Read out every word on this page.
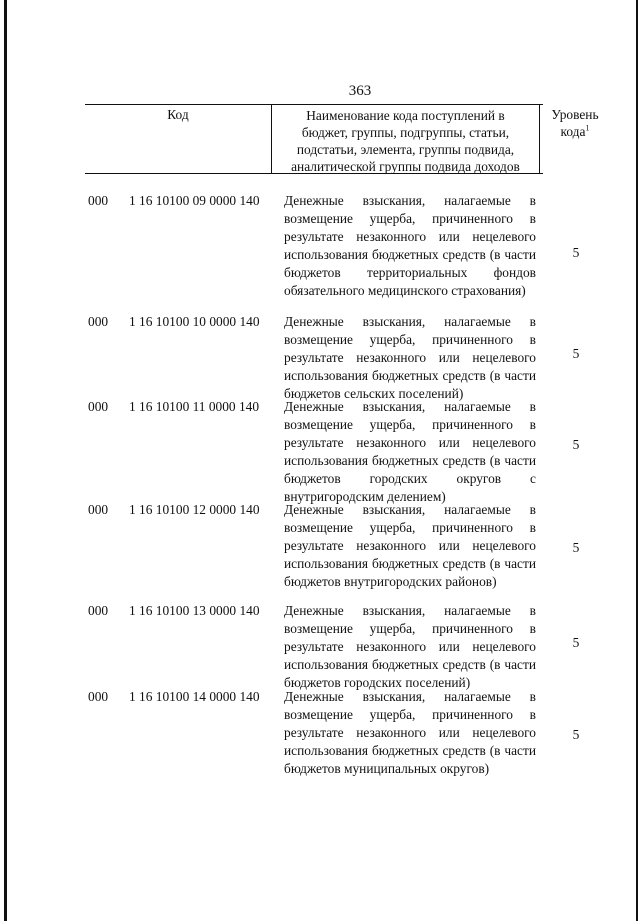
363
Код	Наименование кода поступлений в
бюджет, группы, подгруппы, статьи,
подстатьи, элемента, группы подвида,
аналитической группы подвида доходов
Уровень
кода$^1$
000 1 16 10100 09 0000 140 Денежные взыскания, налагаемые в возмещение ущерба, причиненного в результате незаконного или нецелевого использования бюджетных средств (в части бюджетов территориальных фондов обязательного медицинского страхования)
5
000 1 16 10100 10 0000 140 Денежные взыскания, налагаемые в возмещение ущерба, причиненного в результате незаконного или нецелевого использования бюджетных средств (в части бюджетов сельских поселений)
5
000 1 16 10100 11 0000 140 Денежные взыскания, налагаемые в возмещение ущерба, причиненного в результате незаконного или нецелевого использования бюджетных средств (в части бюджетов городских округов с внутригородским делением)
5
000 1 16 10100 12 0000 140 Денежные взыскания, налагаемые в возмещение ущерба, причиненного в результате незаконного или нецелевого использования бюджетных средств (в части бюджетов внутригородских районов)
5
000 1 16 10100 13 0000 140 Денежные взыскания, налагаемые в возмещение ущерба, причиненного в результате незаконного или нецелевого использования бюджетных средств (в части бюджетов городских поселений)
5
000 1 16 10100 14 0000 140 Денежные взыскания, налагаемые в возмещение ущерба, причиненного в результате незаконного или нецелевого использования бюджетных средств (в части бюджетов муниципальных округов)
5
